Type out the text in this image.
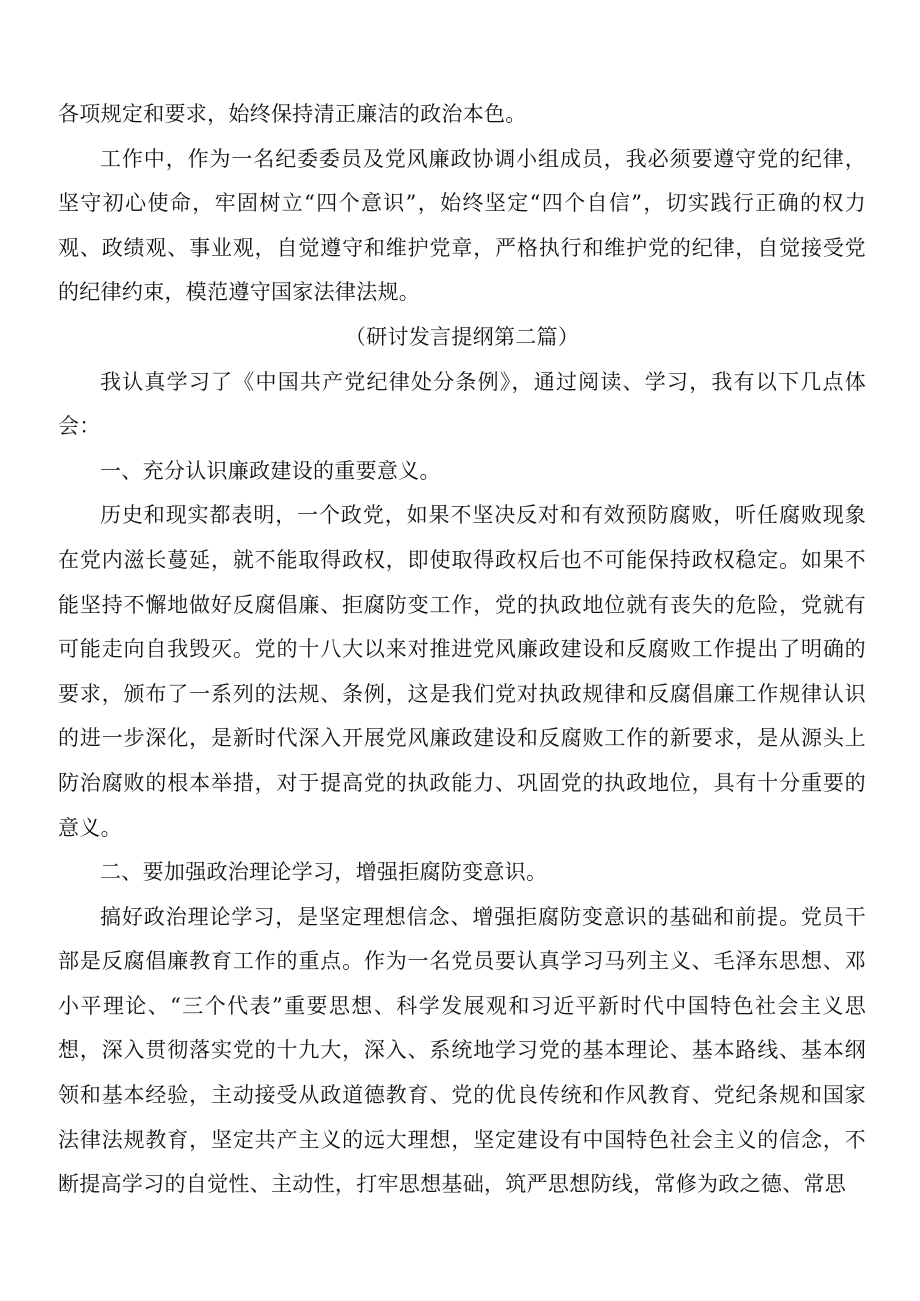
各项规定和要求，始终保持清正廉洁的政治本色。

工作中，作为一名纪委委员及党风廉政协调小组成员，我必须要遵守党的纪律，坚守初心使命，牢固树立“四个意识”，始终坚定“四个自信”，切实践行正确的权力观、政绩观、事业观，自觉遵守和维护党章，严格执行和维护党的纪律，自觉接受党的纪律约束，模范遵守国家法律法规。

（研讨发言提纲第二篇）

我认真学习了《中国共产党纪律处分条例》，通过阅读、学习，我有以下几点体会：

一、充分认识廉政建设的重要意义。

历史和现实都表明，一个政党，如果不坚决反对和有效预防腐败，听任腐败现象在党内滋长蔓延，就不能取得政权，即使取得政权后也不可能保持政权稳定。如果不能坚持不懈地做好反腐倡廉、拒腐防变工作，党的执政地位就有丧失的危险，党就有可能走向自我毁灭。党的十八大以来对推进党风廉政建设和反腐败工作提出了明确的要求，颁布了一系列的法规、条例，这是我们党对执政规律和反腐倡廉工作规律认识的进一步深化，是新时代深入开展党风廉政建设和反腐败工作的新要求，是从源头上防治腐败的根本举措，对于提高党的执政能力、巩固党的执政地位，具有十分重要的意义。

二、要加强政治理论学习，增强拒腐防变意识。

搞好政治理论学习，是坚定理想信念、增强拒腐防变意识的基础和前提。党员干部是反腐倡廉教育工作的重点。作为一名党员要认真学习马列主义、毛泽东思想、邓小平理论、“三个代表”重要思想、科学发展观和习近平新时代中国特色社会主义思想，深入贯彻落实党的十九大，深入、系统地学习党的基本理论、基本路线、基本纲领和基本经验，主动接受从政道德教育、党的优良传统和作风教育、党纪条规和国家法律法规教育，坚定共产主义的远大理想，坚定建设有中国特色社会主义的信念，不断提高学习的自觉性、主动性，打牢思想基础，筑严思想防线，常修为政之德、常思
